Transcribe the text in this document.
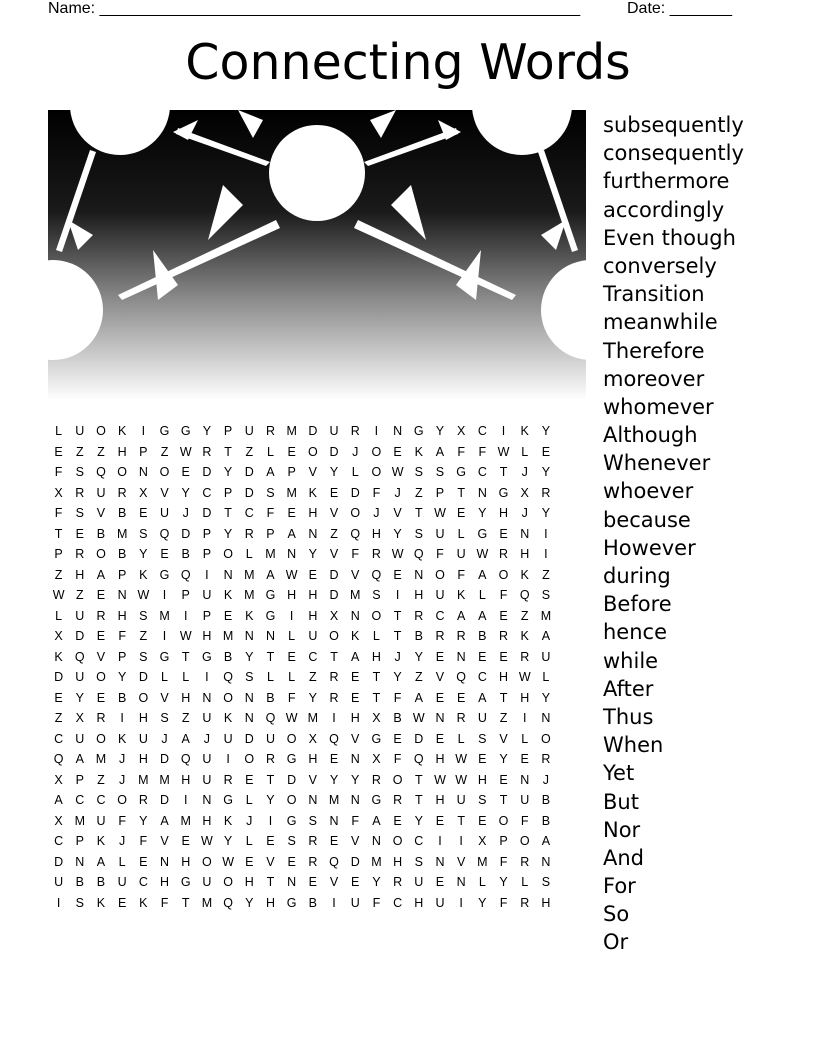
Name: ______________________________________________________	Date: _______
Connecting Words
L	U O K	I	G G Y	P	U R M D U R	I	N G Y	X	C	I	K	Y
E	Z	Z	H	P	Z W R	T	Z	L	E O D	J	O E	K	A	F	F W L	E
F	S Q O N O E	D	Y	D	A	P	V	Y	L	O W S	S G C	T	J	Y
X	R U R	X	V	Y	C	P	D	S M K	E	D	F	J	Z	P	T	N G X	R
F	S	V	B	E	U	J	D	T	C	F	E	H	V O	J	V	T W E	Y	H	J	Y
T	E	B M S Q D	P	Y	R	P	A	N	Z	Q H	Y	S	U	L	G E	N	I
P	R O B	Y	E	B	P O	L	M N	Y	V	F	R W Q	F	U W R H	I
Z	H	A	P	K G Q	I	N M A W E	D	V Q E	N O	F	A O K	Z
W Z	E	N W	I	P	U	K M G H H D M S	I	H U	K	L	F	Q S
L	U R H	S M	I	P	E	K G	I	H	X	N O	T	R C	A	A	E	Z M
X	D	E	F	Z	I	W H M N N	L	U O K	L	T	B	R R	B	R	K	A
K Q V	P	S G	T	G B	Y	T	E	C	T	A	H	J	Y	E	N	E	E	R U
D U O Y	D	L	L	I	Q S	L	L	Z	R	E	T	Y	Z	V Q C H W L
E	Y	E	B O V	H N O N	B	F	Y	R	E	T	F	A	E	E	A	T	H	Y
Z	X	R	I	H	S	Z	U	K	N Q W M	I	H	X	B W N R U	Z	I	N
C U O K	U	J	A	J	U D U O X Q V G E	D	E	L	S	V	L	O
Q A M	J	H D Q U	I	O R G H	E	N	X	F	Q H W E	Y	E	R
X	P	Z	J	M M H U R	E	T	D	V	Y	Y	R O	T W W H	E	N	J
A	C C O R D	I	N G	L	Y O N M N G R	T	H U	S	T	U	B
X M U	F	Y	A M H	K	J	I	G S	N	F	A	E	Y	E	T	E O	F	B
C	P	K	J	F	V	E W Y	L	E	S	R	E	V	N O C	I	I	X	P O A
D N	A	L	E	N H O W E	V	E	R Q D M H	S	N	V M F	R N
U	B	B	U C H G U O H	T	N	E	V	E	Y	R U	E	N	L	Y	L	S
I	S	K	E	K	F	T M Q Y	H G B	I	U	F	C H U	I	Y	F	R H
subsequently
consequently
furthermore
accordingly
Even though
conversely
Transition
meanwhile
Therefore
moreover
whomever
Although
Whenever
whoever
because
However
during
Before
hence
while
After
Thus
When
Yet
But
Nor
And
For
So
Or
